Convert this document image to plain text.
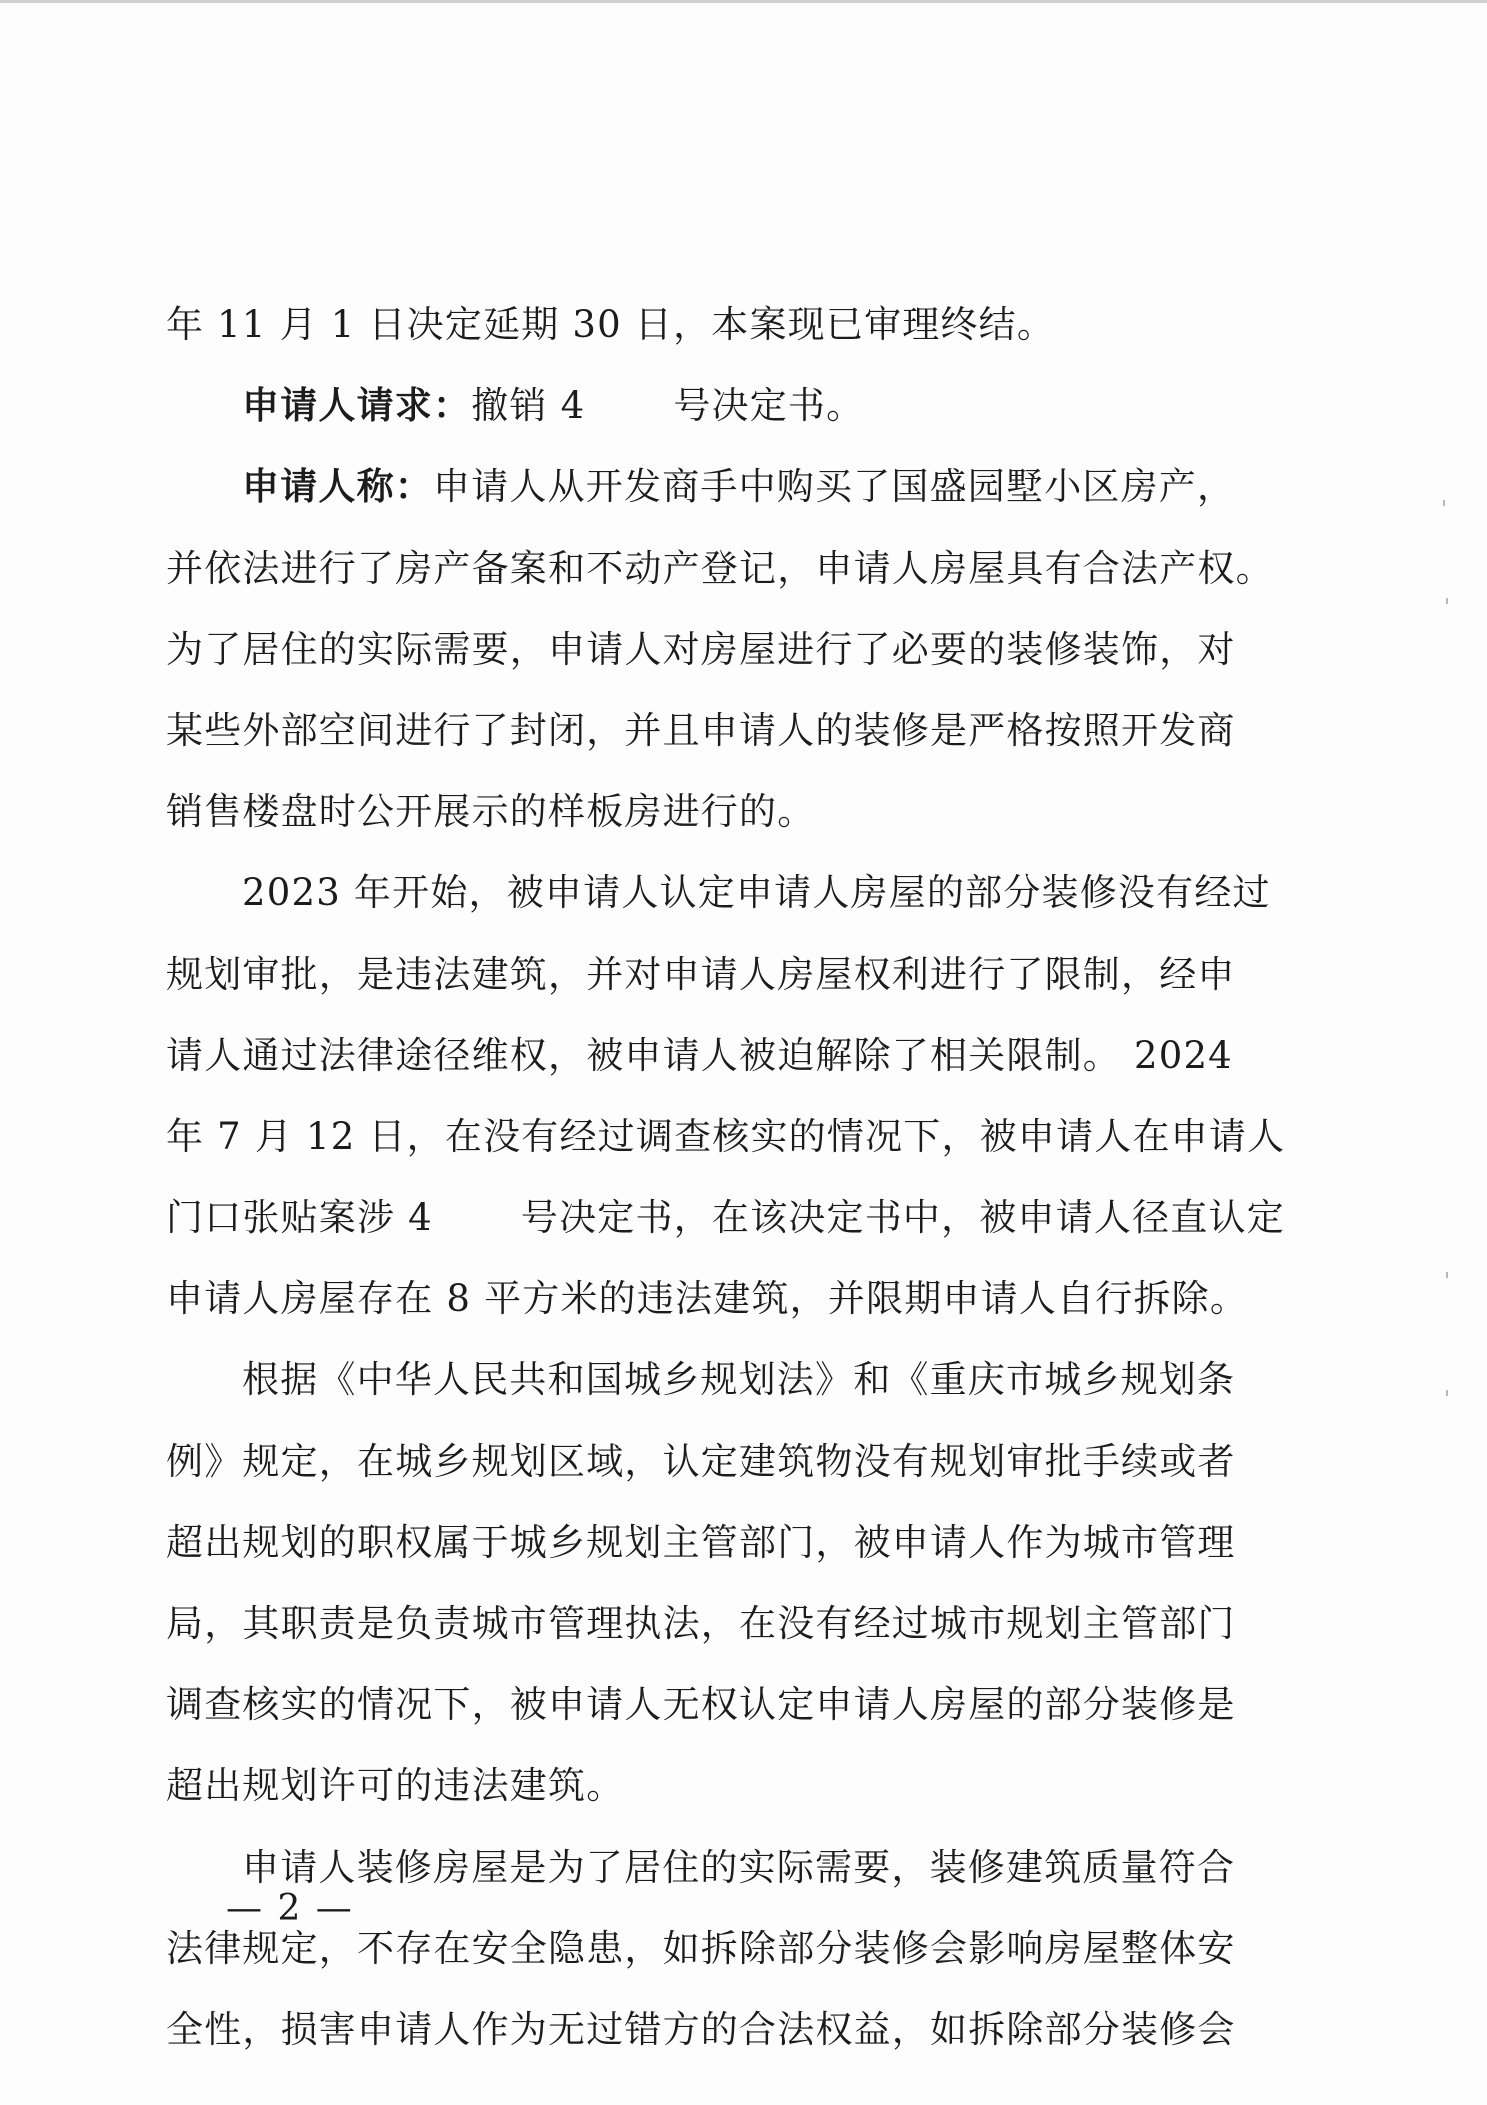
年 11 月 1 日决定延期 30 日，本案现已审理终结。
申请人请求：撤销 4 号决定书。
申请人称：申请人从开发商手中购买了国盛园墅小区房产，
并依法进行了房产备案和不动产登记，申请人房屋具有合法产权。
为了居住的实际需要，申请人对房屋进行了必要的装修装饰，对
某些外部空间进行了封闭，并且申请人的装修是严格按照开发商
销售楼盘时公开展示的样板房进行的。
2023 年开始，被申请人认定申请人房屋的部分装修没有经过
规划审批，是违法建筑，并对申请人房屋权利进行了限制，经申
请人通过法律途径维权，被申请人被迫解除了相关限制。 2024
年 7 月 12 日，在没有经过调查核实的情况下，被申请人在申请人
门口张贴案涉 4 号决定书，在该决定书中，被申请人径直认定
申请人房屋存在 8 平方米的违法建筑，并限期申请人自行拆除。
根据《中华人民共和国城乡规划法》和《重庆市城乡规划条
例》规定，在城乡规划区域，认定建筑物没有规划审批手续或者
超出规划的职权属于城乡规划主管部门，被申请人作为城市管理
局，其职责是负责城市管理执法，在没有经过城市规划主管部门
调查核实的情况下，被申请人无权认定申请人房屋的部分装修是
超出规划许可的违法建筑。
申请人装修房屋是为了居住的实际需要，装修建筑质量符合
法律规定，不存在安全隐患，如拆除部分装修会影响房屋整体安
全性，损害申请人作为无过错方的合法权益，如拆除部分装修会
— 2 —
